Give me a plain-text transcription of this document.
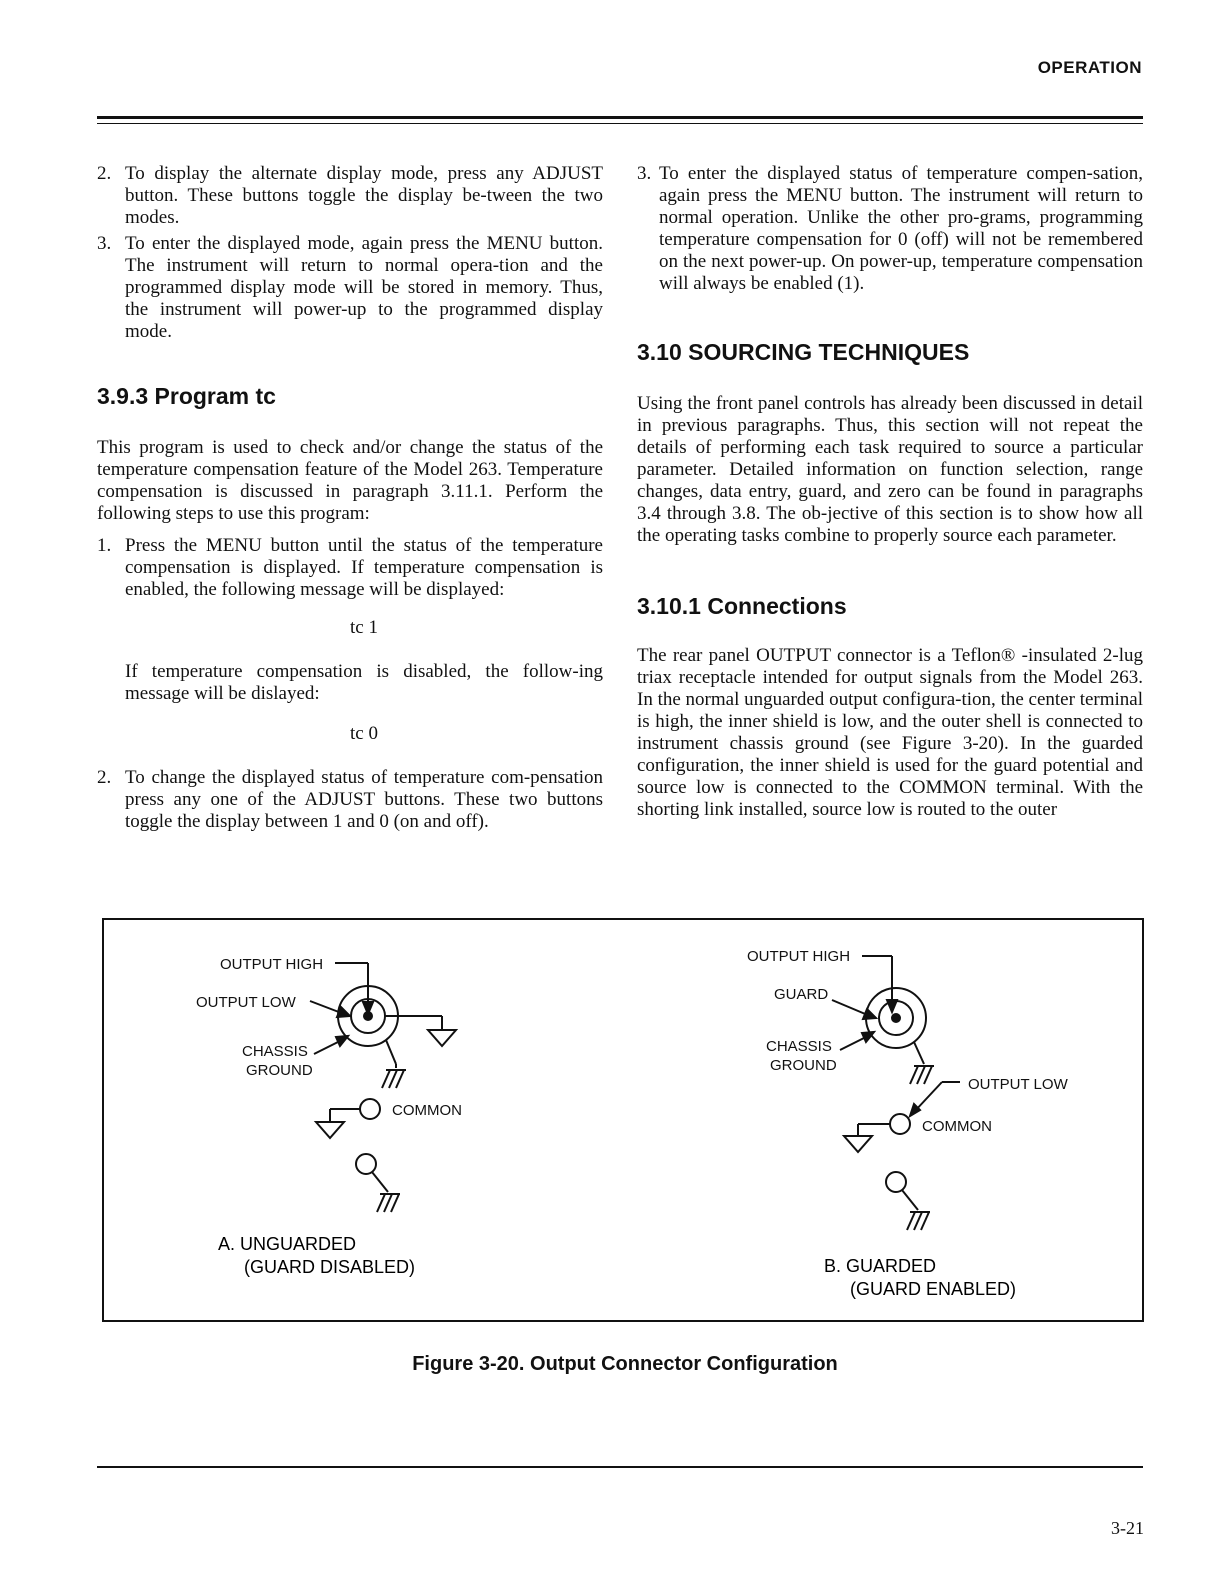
OPERATION
2. To display the alternate display mode, press any ADJUST button. These buttons toggle the display be-tween the two modes.
3. To enter the displayed mode, again press the MENU button. The instrument will return to normal opera-tion and the programmed display mode will be stored in memory. Thus, the instrument will power-up to the programmed display mode.
3.9.3 Program tc

This program is used to check and/or change the status of the temperature compensation feature of the Model 263. Temperature compensation is discussed in paragraph 3.11.1. Perform the following steps to use this program:

1. Press the MENU button until the status of the temperature compensation is displayed. If temperature compensation is enabled, the following message will be displayed:
tc 1

If temperature compensation is disabled, the follow-ing message will be dislayed:

tc 0
2. To change the displayed status of temperature com-pensation press any one of the ADJUST buttons. These two buttons toggle the display between 1 and 0 (on and off).
3. To enter the displayed status of temperature compen-sation, again press the MENU button. The instrument will return to normal operation. Unlike the other pro-grams, programming temperature compensation for 0 (off) will not be remembered on the next power-up. On power-up, temperature compensation will always be enabled (1).
3.10 SOURCING TECHNIQUES

Using the front panel controls has already been discussed in detail in previous paragraphs. Thus, this section will not repeat the details of performing each task required to source a particular parameter. Detailed information on function selection, range changes, data entry, guard, and zero can be found in paragraphs 3.4 through 3.8. The ob-jective of this section is to show how all the operating tasks combine to properly source each parameter.

3.10.1 Connections

The rear panel OUTPUT connector is a Teflon® -insulated 2-lug triax receptacle intended for output signals from the Model 263. In the normal unguarded output configura-tion, the center terminal is high, the inner shield is low, and the outer shell is connected to instrument chassis ground (see Figure 3-20). In the guarded configuration, the inner shield is used for the guard potential and source low is connected to the COMMON terminal. With the shorting link installed, source low is routed to the outer

OUTPUT HIGH
OUTPUT LOW
CHASSIS
GROUND
COMMON
A. UNGUARDED
(GUARD DISABLED)
OUTPUT HIGH
GUARD
CHASSIS
GROUND
OUTPUT LOW
COMMON
B. GUARDED
(GUARD ENABLED)
Figure 3-20. Output Connector Configuration
3-21
